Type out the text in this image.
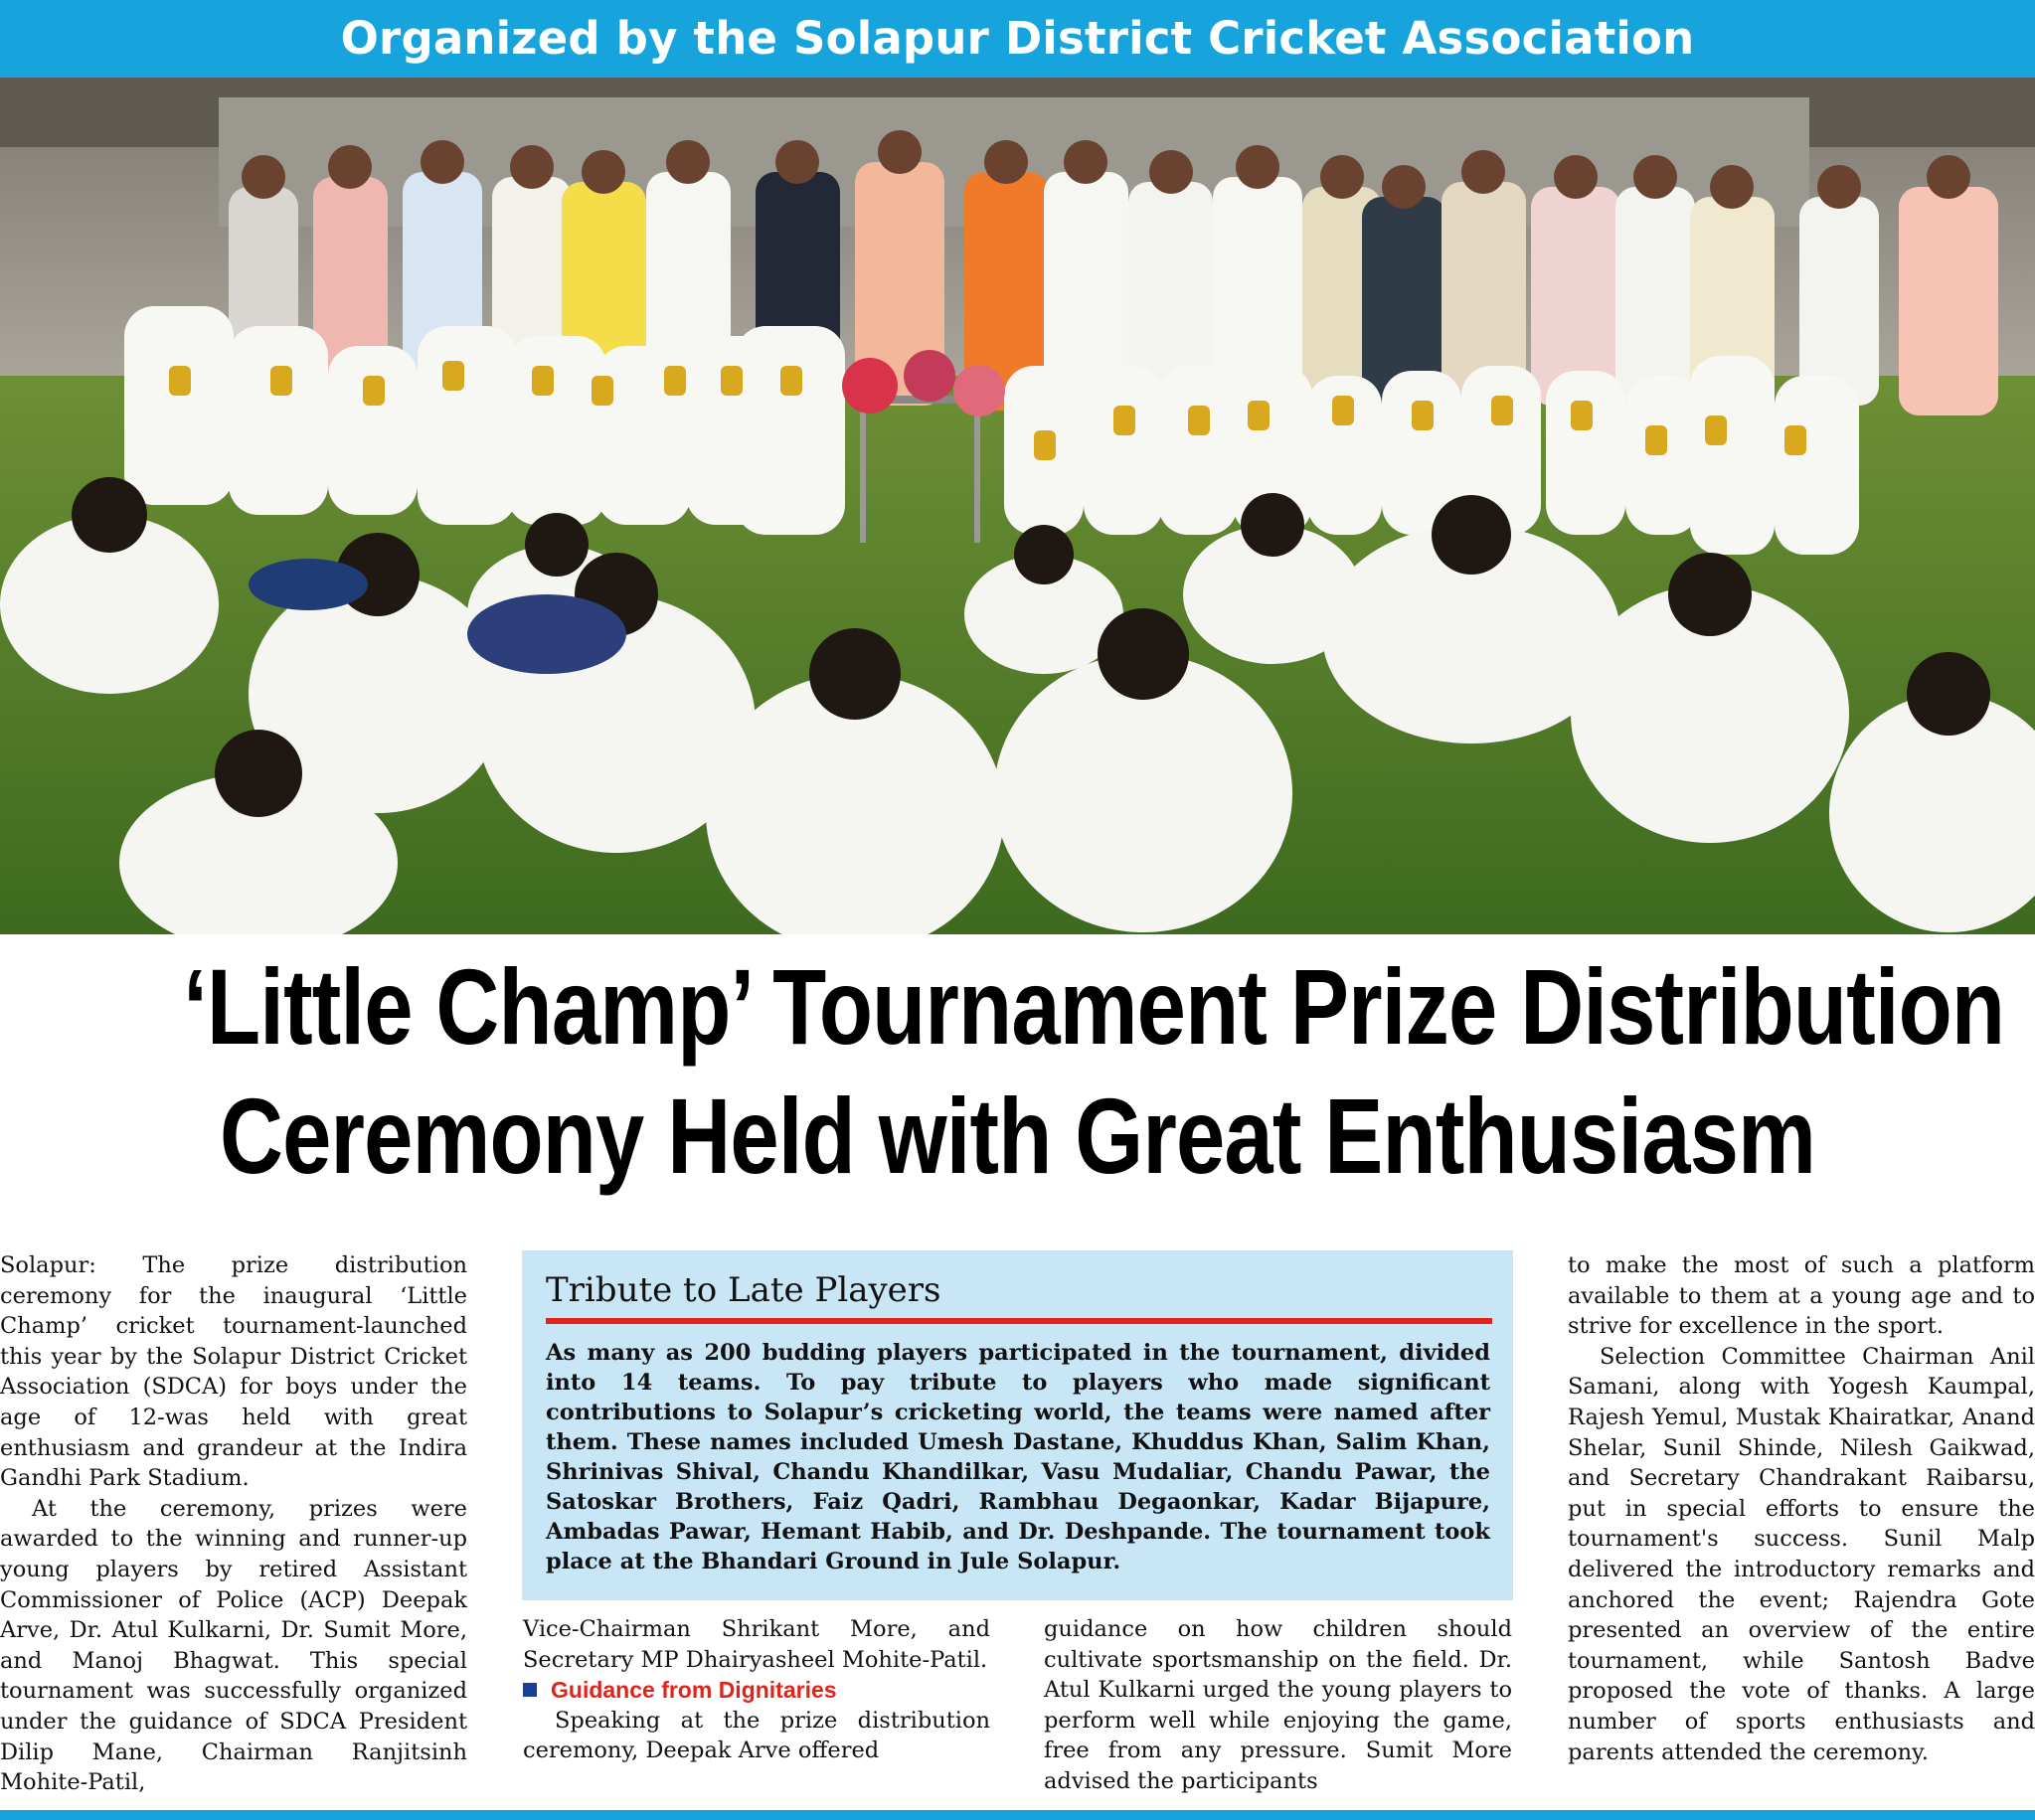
Organized by the Solapur District Cricket Association
‘Little Champ’ Tournament Prize Distribution
Ceremony Held with Great Enthusiasm

Solapur: The prize distribution ceremony for the inaugural ‘Little Champ’ cricket tournament-launched this year by the Solapur District Cricket Association (SDCA) for boys under the age of 12-was held with great enthusiasm and grandeur at the Indira Gandhi Park Stadium.

At the ceremony, prizes were awarded to the winning and runner-up young players by retired Assistant Commissioner of Police (ACP) Deepak Arve, Dr. Atul Kulkarni, Dr. Sumit More, and Manoj Bhagwat. This special tournament was successfully organized under the guidance of SDCA President Dilip Mane, Chairman Ranjitsinh Mohite-Patil,

Tribute to Late Players

As many as 200 budding players participated in the tournament, divided into 14 teams. To pay tribute to players who made significant contributions to Solapur’s cricketing world, the teams were named after them. These names included Umesh Dastane, Khuddus Khan, Salim Khan, Shrinivas Shival, Chandu Khandilkar, Vasu Mudaliar, Chandu Pawar, the Satoskar Brothers, Faiz Qadri, Rambhau Degaonkar, Kadar Bijapure, Ambadas Pawar, Hemant Habib, and Dr. Deshpande. The tournament took place at the Bhandari Ground in Jule Solapur.

Vice-Chairman Shrikant More, and Secretary MP Dhairyasheel Mohite-Patil.

Guidance from Dignitaries

Speaking at the prize distribution ceremony, Deepak Arve offered

guidance on how children should cultivate sportsmanship on the field. Dr. Atul Kulkarni urged the young players to perform well while enjoying the game, free from any pressure. Sumit More advised the participants

to make the most of such a platform available to them at a young age and to strive for excellence in the sport.

Selection Committee Chairman Anil Samani, along with Yogesh Kaumpal, Rajesh Yemul, Mustak Khairatkar, Anand Shelar, Sunil Shinde, Nilesh Gaikwad, and Secretary Chandrakant Raibarsu, put in special efforts to ensure the tournament's success. Sunil Malp delivered the introductory remarks and anchored the event; Rajendra Gote presented an overview of the entire tournament, while Santosh Badve proposed the vote of thanks. A large number of sports enthusiasts and parents attended the ceremony.
